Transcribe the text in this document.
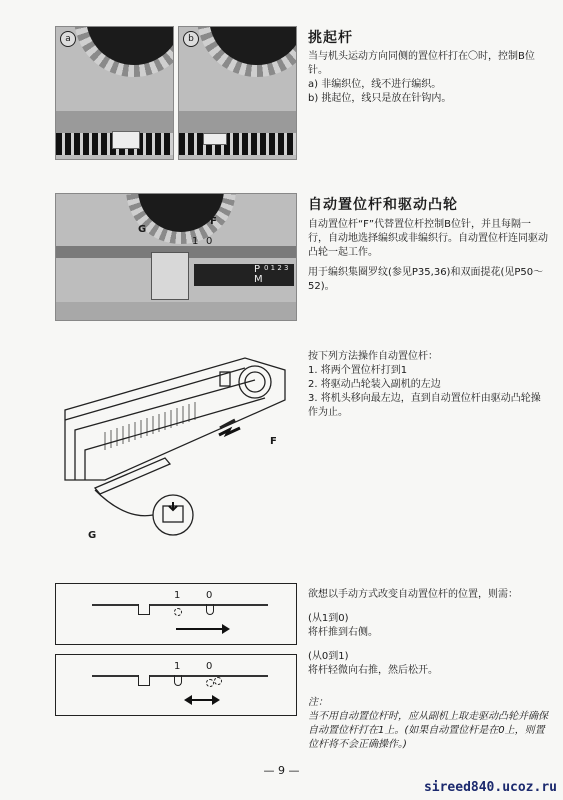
a	b	挑起杆

当与机头运动方向同侧的置位杆打在〇时，控制B位针。

a) 非编织位，线不进行编织。
b) 挑起位，线只是放在针钩内。
P
M
0 1 2 3
G
F
1 0
自动置位杆和驱动凸轮

自动置位杆“F”代替置位杆控制B位针，并且每隔一行，自动地选择编织或非编织行。自动置位杆连同驱动凸轮一起工作。

用于编织集圈罗纹(参见P35,36)和双面提花(见P50～52)。

F
G

按下列方法操作自动置位杆：

1. 将两个置位杆打到1
2. 将驱动凸轮装入副机的左边
3. 将机头移向最左边，直到自动置位杆由驱动凸轮操作为止。
1	0
1	0

欲想以手动方式改变自动置位杆的位置，则需：

(从1到0)

将杆推到右侧。

(从0到1)

将杆轻微向右推，然后松开。

注：

当不用自动置位杆时，应从副机上取走驱动凸轮并确保自动置位杆打在1上。(如果自动置位杆是在0上，则置位杆将不会正确操作。)

— 9 —
sireed840.ucoz.ru
